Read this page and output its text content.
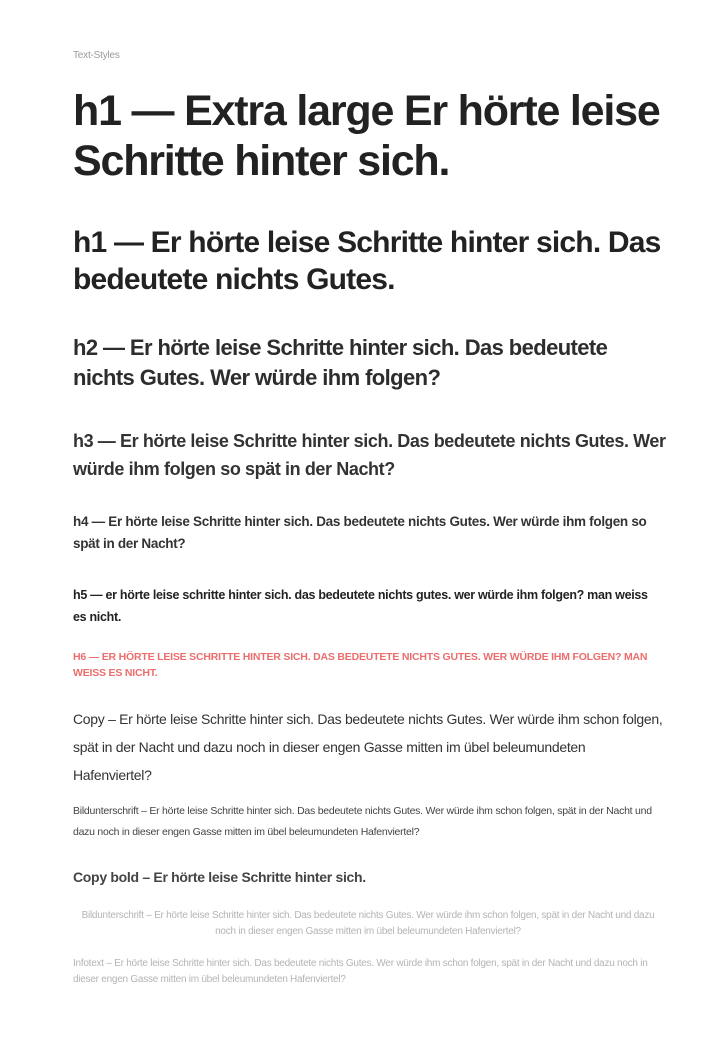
Text-Styles

h1 — Extra large Er hörte leise Schritte hinter sich.
h1 — Er hörte leise Schritte hinter sich. Das bedeutete nichts Gutes.
h2 — Er hörte leise Schritte hinter sich. Das bedeutete nichts Gutes. Wer würde ihm folgen?
h3 — Er hörte leise Schritte hinter sich. Das bedeutete nichts Gutes. Wer würde ihm folgen so spät in der Nacht?
h4 — Er hörte leise Schritte hinter sich. Das bedeutete nichts Gutes. Wer würde ihm folgen so spät in der Nacht?
h5 — er hörte leise schritte hinter sich. das bedeutete nichts gutes. wer würde ihm folgen? man weiss es nicht.
H6 — ER HÖRTE LEISE SCHRITTE HINTER SICH. DAS BEDEUTETE NICHTS GUTES. WER WÜRDE IHM FOLGEN? MAN WEISS ES NICHT.

Copy – Er hörte leise Schritte hinter sich. Das bedeutete nichts Gutes. Wer würde ihm schon folgen, spät in der Nacht und dazu noch in dieser engen Gasse mitten im übel beleumundeten Hafenviertel?

Bildunterschrift – Er hörte leise Schritte hinter sich. Das bedeutete nichts Gutes. Wer würde ihm schon folgen, spät in der Nacht und dazu noch in dieser engen Gasse mitten im übel beleumundeten Hafenviertel?

Copy bold – Er hörte leise Schritte hinter sich.

Bildunterschrift – Er hörte leise Schritte hinter sich. Das bedeutete nichts Gutes. Wer würde ihm schon folgen, spät in der Nacht und dazu noch in dieser engen Gasse mitten im übel beleumundeten Hafenviertel?

Infotext – Er hörte leise Schritte hinter sich. Das bedeutete nichts Gutes. Wer würde ihm schon folgen, spät in der Nacht und dazu noch in dieser engen Gasse mitten im übel beleumundeten Hafenviertel?
